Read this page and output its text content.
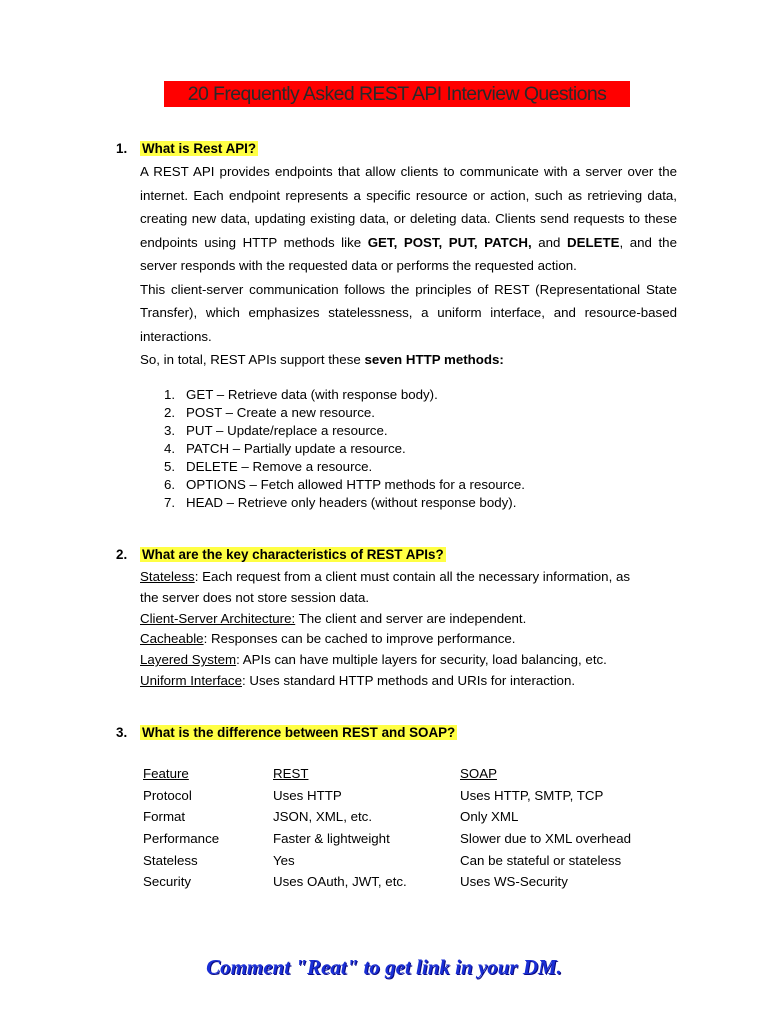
20 Frequently Asked REST API Interview Questions
1. What is Rest API?

A REST API provides endpoints that allow clients to communicate with a server over the internet. Each endpoint represents a specific resource or action, such as retrieving data, creating new data, updating existing data, or deleting data. Clients send requests to these endpoints using HTTP methods like GET, POST, PUT, PATCH, and DELETE, and the server responds with the requested data or performs the requested action.

This client-server communication follows the principles of REST (Representational State Transfer), which emphasizes statelessness, a uniform interface, and resource-based interactions.

So, in total, REST APIs support these seven HTTP methods:

1. GET – Retrieve data (with response body).
2. POST – Create a new resource.
3. PUT – Update/replace a resource.
4. PATCH – Partially update a resource.
5. DELETE – Remove a resource.
6. OPTIONS – Fetch allowed HTTP methods for a resource.
7. HEAD – Retrieve only headers (without response body).
2. What are the key characteristics of REST APIs?
Stateless: Each request from a client must contain all the necessary information, as
the server does not store session data.
Client-Server Architecture: The client and server are independent.
Cacheable: Responses can be cached to improve performance.
Layered System: APIs can have multiple layers for security, load balancing, etc.
Uniform Interface: Uses standard HTTP methods and URIs for interaction.
3. What is the difference between REST and SOAP?
Feature	REST	SOAP
Protocol	Uses HTTP	Uses HTTP, SMTP, TCP
Format	JSON, XML, etc.	Only XML
Performance	Faster & lightweight	Slower due to XML overhead
Stateless	Yes	Can be stateful or stateless
Security	Uses OAuth, JWT, etc.	Uses WS-Security
Comment "Reat" to get link in your DM.
